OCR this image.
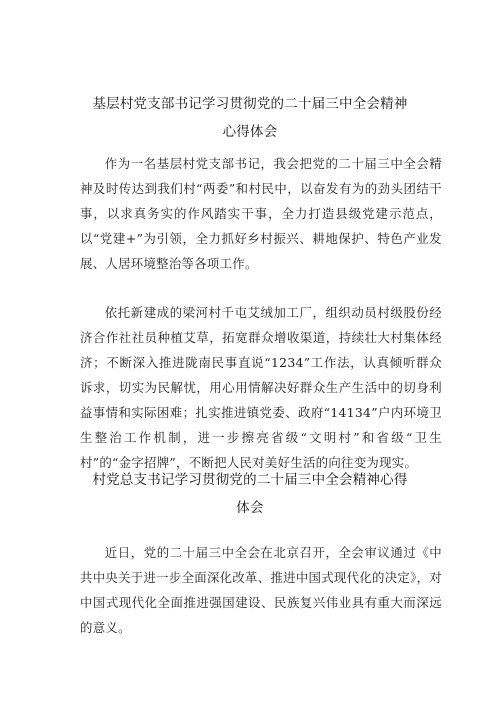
基层村党支部书记学习贯彻党的二十届三中全会精神
心得体会

作为一名基层村党支部书记，我会把党的二十届三中全会精神及时传达到我们村“两委”和村民中，以奋发有为的劲头团结干事，以求真务实的作风踏实干事，全力打造县级党建示范点，以“党建+”为引领，全力抓好乡村振兴、耕地保护、特色产业发展、人居环境整治等各项工作。

依托新建成的梁河村千屯艾绒加工厂，组织动员村级股份经济合作社社员种植艾草，拓宽群众增收渠道，持续壮大村集体经济；不断深入推进陇南民事直说“1234”工作法，认真倾听群众诉求，切实为民解忧，用心用情解决好群众生产生活中的切身利益事情和实际困难；扎实推进镇党委、政府“14134”户内环境卫生整治工作机制，进一步擦亮省级“文明村”和省级“卫生村”的“金字招牌”，不断把人民对美好生活的向往变为现实。

村党总支书记学习贯彻党的二十届三中全会精神心得
体会

近日，党的二十届三中全会在北京召开，全会审议通过《中共中央关于进一步全面深化改革、推进中国式现代化的决定》，对中国式现代化全面推进强国建设、民族复兴伟业具有重大而深远的意义。
